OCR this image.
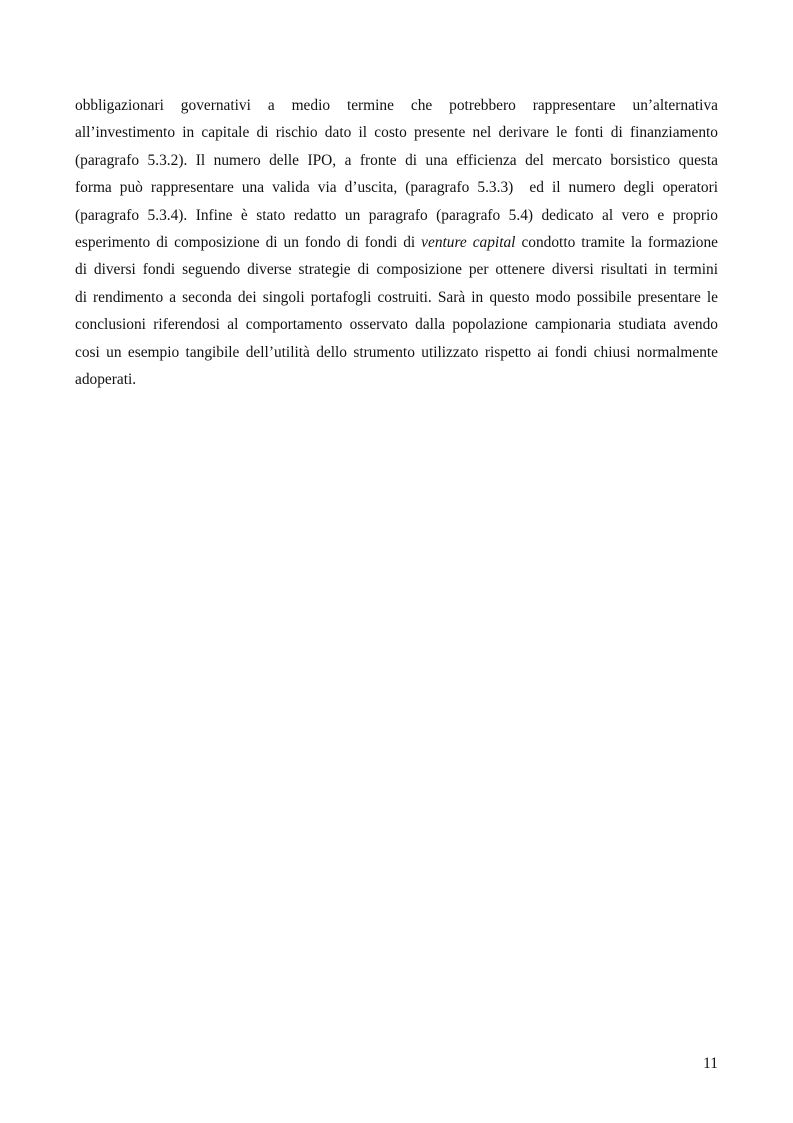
obbligazionari governativi a medio termine che potrebbero rappresentare un’alternativa
all’investimento in capitale di rischio dato il costo presente nel derivare le fonti di finanziamento
(paragrafo 5.3.2). Il numero delle IPO, a fronte di una efficienza del mercato borsistico questa
forma può rappresentare una valida via d’uscita, (paragrafo 5.3.3)  ed il numero degli operatori
(paragrafo 5.3.4). Infine è stato redatto un paragrafo (paragrafo 5.4) dedicato al vero e proprio
esperimento di composizione di un fondo di fondi di venture capital condotto tramite la formazione
di diversi fondi seguendo diverse strategie di composizione per ottenere diversi risultati in termini
di rendimento a seconda dei singoli portafogli costruiti. Sarà in questo modo possibile presentare le
conclusioni riferendosi al comportamento osservato dalla popolazione campionaria studiata avendo
cosi un esempio tangibile dell’utilità dello strumento utilizzato rispetto ai fondi chiusi normalmente
adoperati.
11
